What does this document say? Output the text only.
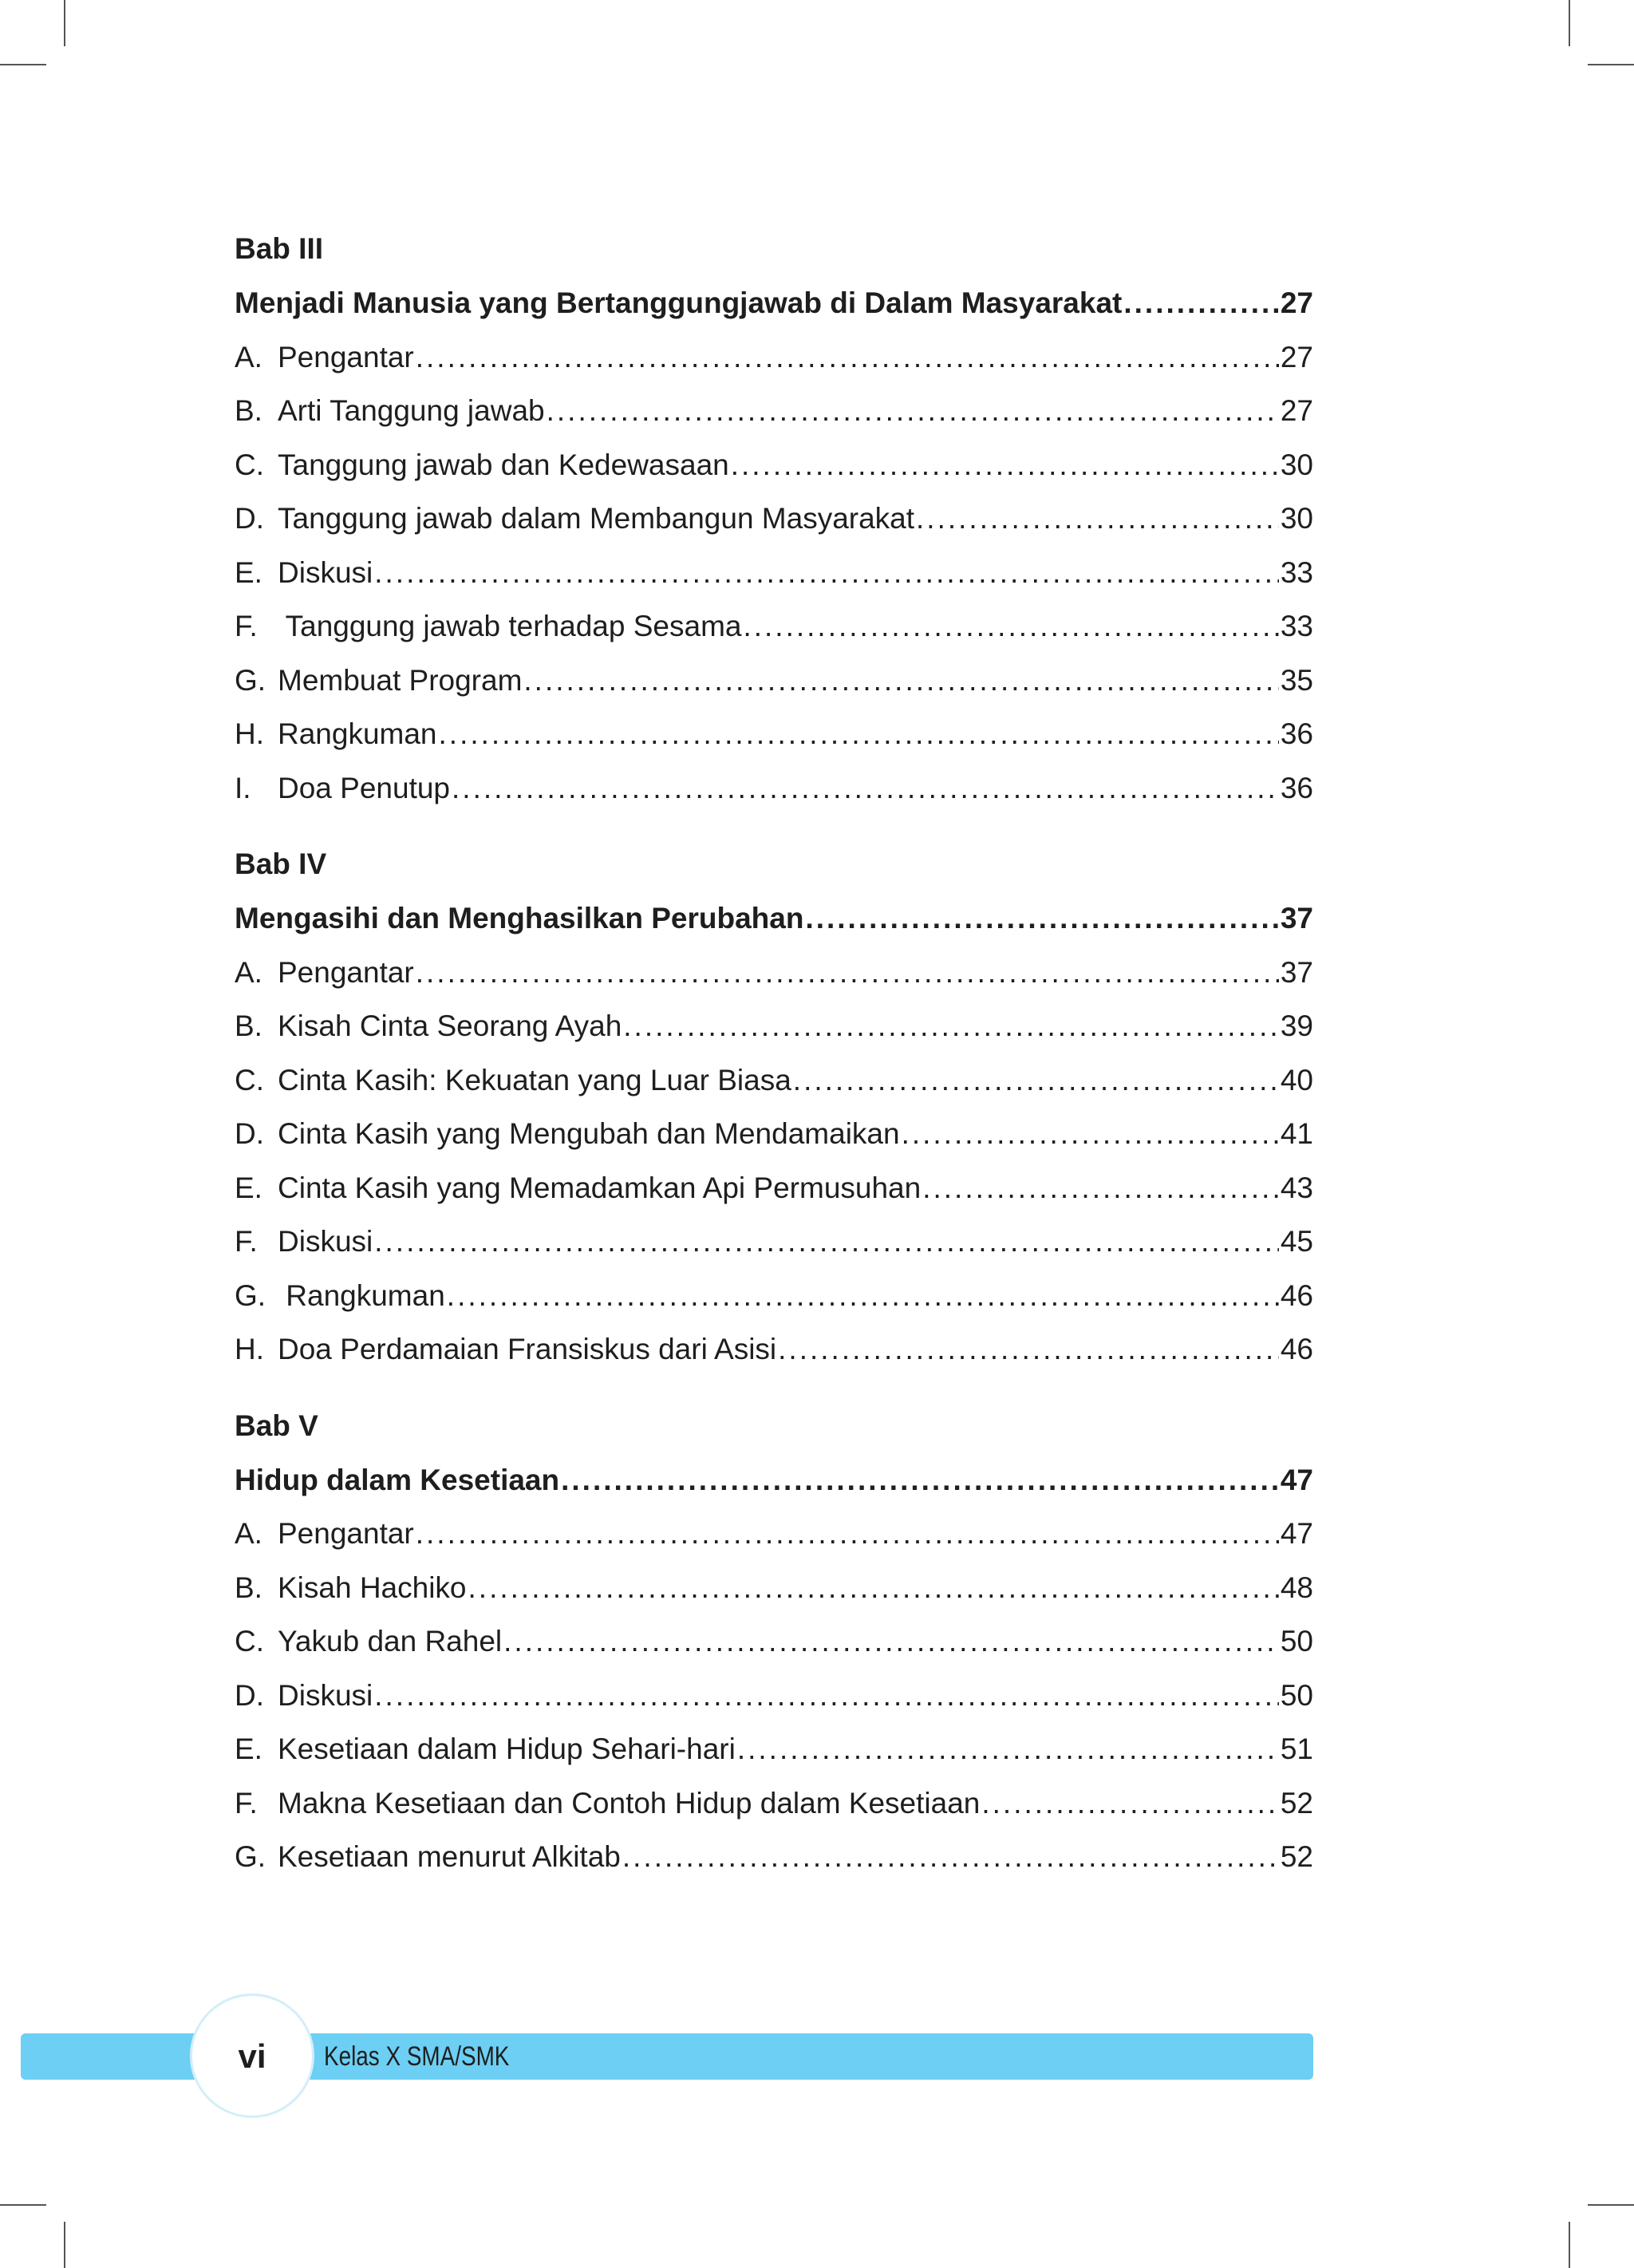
Bab III
Menjadi Manusia yang Bertanggungjawab di Dalam Masyarakat .....	27
A. Pengantar .....	27
B. Arti Tanggung jawab .....	27
C. Tanggung jawab dan Kedewasaan .....	30
D. Tanggung jawab dalam Membangun Masyarakat .....	30
E. Diskusi .....	33
F. Tanggung jawab terhadap Sesama .....	33
G. Membuat Program .....	35
H. Rangkuman .....	36
I. Doa Penutup .....	36
Bab IV
Mengasihi dan Menghasilkan Perubahan .....	37
A. Pengantar .....	37
B. Kisah Cinta Seorang Ayah .....	39
C. Cinta Kasih: Kekuatan yang Luar Biasa .....	40
D. Cinta Kasih yang Mengubah dan Mendamaikan .....	41
E. Cinta Kasih yang Memadamkan Api Permusuhan .....	43
F. Diskusi .....	45
G. Rangkuman .....	46
H. Doa Perdamaian Fransiskus dari Asisi .....	46
Bab V
Hidup dalam Kesetiaan .....	47
A. Pengantar .....	47
B. Kisah Hachiko .....	48
C. Yakub dan Rahel .....	50
D. Diskusi .....	50
E. Kesetiaan dalam Hidup Sehari-hari .....	51
F. Makna Kesetiaan dan Contoh Hidup dalam Kesetiaan .....	52
G. Kesetiaan menurut Alkitab .....	52
vi	Kelas X SMA/SMK
